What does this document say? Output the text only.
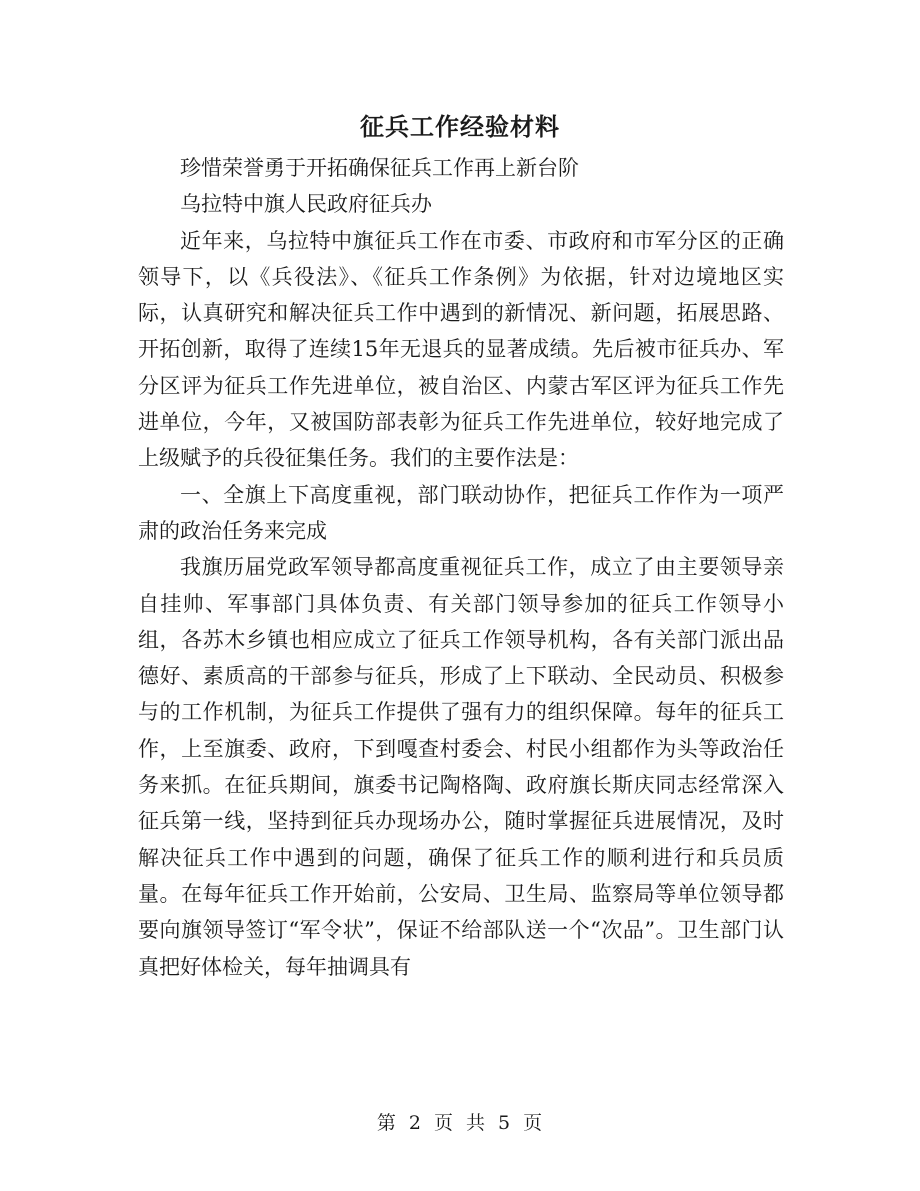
征兵工作经验材料

珍惜荣誉勇于开拓确保征兵工作再上新台阶

乌拉特中旗人民政府征兵办

近年来，乌拉特中旗征兵工作在市委、市政府和市军分区的正确领导下，以《兵役法》、《征兵工作条例》为依据，针对边境地区实际，认真研究和解决征兵工作中遇到的新情况、新问题，拓展思路、开拓创新，取得了连续15年无退兵的显著成绩。先后被市征兵办、军分区评为征兵工作先进单位，被自治区、内蒙古军区评为征兵工作先进单位，今年，又被国防部表彰为征兵工作先进单位，较好地完成了上级赋予的兵役征集任务。我们的主要作法是：

一、全旗上下高度重视，部门联动协作，把征兵工作作为一项严肃的政治任务来完成

我旗历届党政军领导都高度重视征兵工作，成立了由主要领导亲自挂帅、军事部门具体负责、有关部门领导参加的征兵工作领导小组，各苏木乡镇也相应成立了征兵工作领导机构，各有关部门派出品德好、素质高的干部参与征兵，形成了上下联动、全民动员、积极参与的工作机制，为征兵工作提供了强有力的组织保障。每年的征兵工作，上至旗委、政府，下到嘎查村委会、村民小组都作为头等政治任务来抓。在征兵期间，旗委书记陶格陶、政府旗长斯庆同志经常深入征兵第一线，坚持到征兵办现场办公，随时掌握征兵进展情况，及时解决征兵工作中遇到的问题，确保了征兵工作的顺利进行和兵员质量。在每年征兵工作开始前，公安局、卫生局、监察局等单位领导都要向旗领导签订“军令状”，保证不给部队送一个“次品”。卫生部门认真把好体检关，每年抽调具有

第 2 页 共 5 页
